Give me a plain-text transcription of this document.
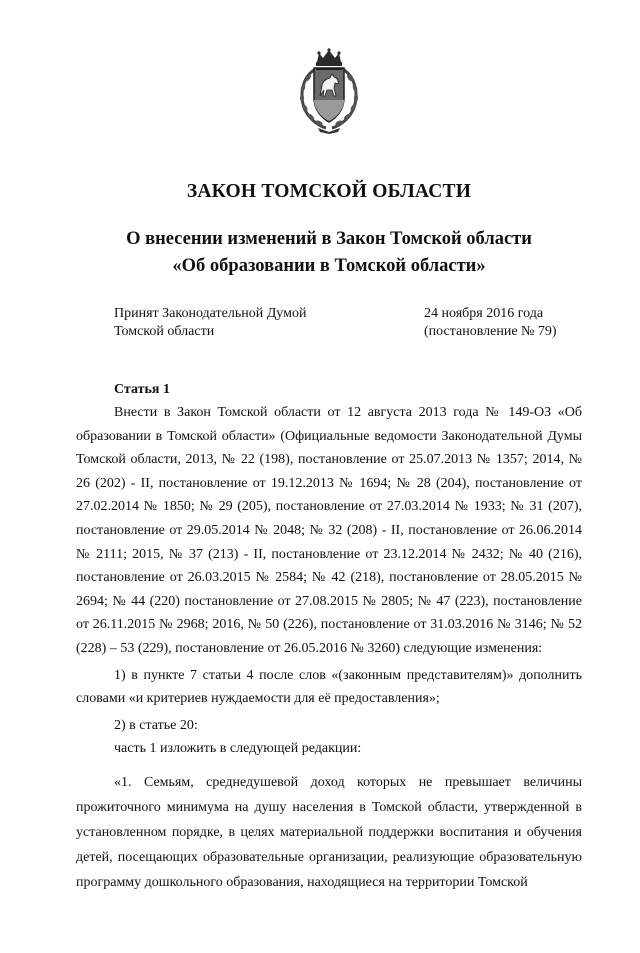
ЗАКОН ТОМСКОЙ ОБЛАСТИ
О внесении изменений в Закон Томской области
«Об образовании в Томской области»
Принят Законодательной Думой
Томской области
24 ноября 2016 года
(постановление № 79)
Статья 1

Внести в Закон Томской области от 12 августа 2013 года № 149-ОЗ «Об образовании в Томской области» (Официальные ведомости Законодательной Думы Томской области, 2013, № 22 (198), постановление от 25.07.2013 № 1357; 2014, № 26 (202) - II, постановление от 19.12.2013 № 1694; № 28 (204), постановление от 27.02.2014 № 1850; № 29 (205), постановление от 27.03.2014 № 1933; № 31 (207), постановление от 29.05.2014 № 2048; № 32 (208) - II, постановление от 26.06.2014 № 2111; 2015, № 37 (213) - II, постановление от 23.12.2014 № 2432; № 40 (216), постановление от 26.03.2015 № 2584; № 42 (218), постановление от 28.05.2015 № 2694; № 44 (220) постановление от 27.08.2015 № 2805; № 47 (223), постановление от 26.11.2015 № 2968; 2016, № 50 (226), постановление от 31.03.2016 № 3146; № 52 (228) – 53 (229), постановление от 26.05.2016 № 3260) следующие изменения:

1) в пункте 7 статьи 4 после слов «(законным представителям)» дополнить словами «и критериев нуждаемости для её предоставления»;

2) в статье 20:

часть 1 изложить в следующей редакции:

«1. Семьям, среднедушевой доход которых не превышает величины прожиточного минимума на душу населения в Томской области, утвержденной в установленном порядке, в целях материальной поддержки воспитания и обучения детей, посещающих образовательные организации, реализующие образовательную программу дошкольного образования, находящиеся на территории Томской
